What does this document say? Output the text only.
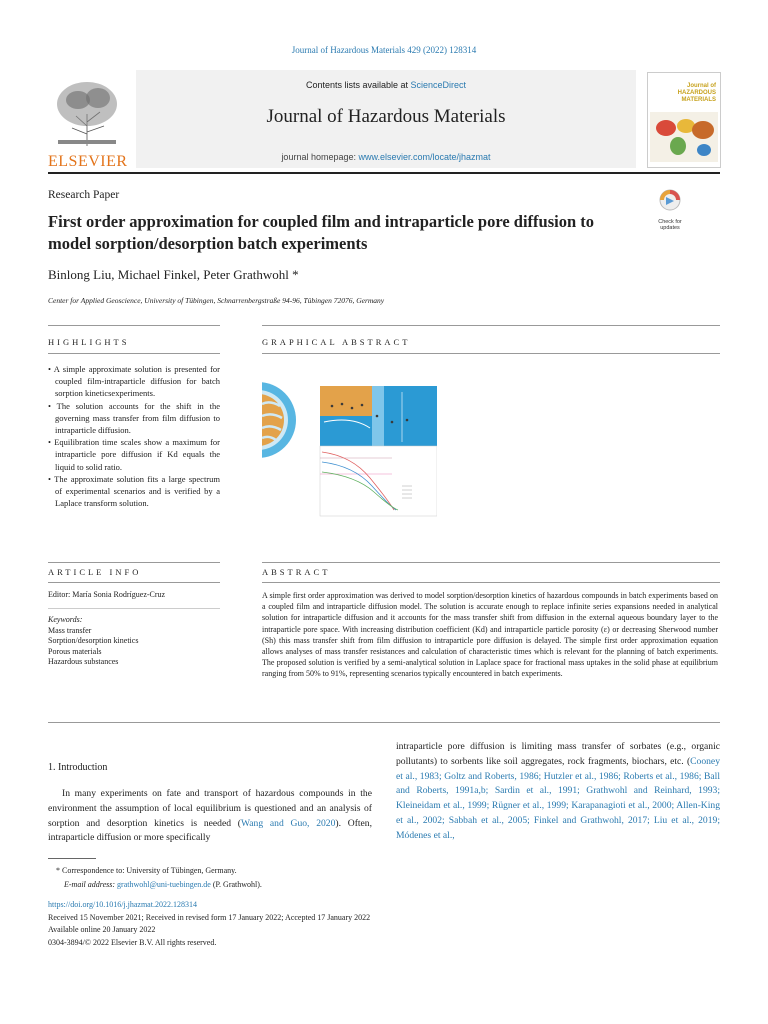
Journal of Hazardous Materials 429 (2022) 128314
ELSEVIER
Contents lists available at ScienceDirect
Journal of Hazardous Materials
journal homepage: www.elsevier.com/locate/jhazmat
Journal of HAZARDOUS MATERIALS
Research Paper
First order approximation for coupled film and intraparticle pore diffusion to model sorption/desorption batch experiments
Check for updates
Binlong Liu, Michael Finkel, Peter Grathwohl *
Center for Applied Geoscience, University of Tübingen, Schnarrenbergstraße 94-96, Tübingen 72076, Germany
HIGHLIGHTS
• A simple approximate solution is presented for coupled film-intraparticle diffusion for batch sorption kineticsexperiments.
• The solution accounts for the shift in the governing mass transfer from film diffusion to intraparticle diffusion.
• Equilibration time scales show a maximum for intraparticle pore diffusion if Kd equals the liquid to solid ratio.
• The approximate solution fits a large spectrum of experimental scenarios and is verified by a Laplace transform solution.
GRAPHICAL ABSTRACT
ARTICLE INFO
Editor: María Sonia Rodríguez-Cruz
Keywords:
Mass transfer
Sorption/desorption kinetics
Porous materials
Hazardous substances
ABSTRACT
A simple first order approximation was derived to model sorption/desorption kinetics of hazardous compounds in batch experiments based on a coupled film and intraparticle diffusion model. The solution is accurate enough to replace infinite series expansions needed in analytical solution for intraparticle diffusion and it accounts for the mass transfer shift from diffusion in the external aqueous boundary layer to the intraparticle pore space. With increasing distribution coefficient (Kd) and intraparticle particle porosity (ε) or decreasing Sherwood number (Sh) this mass transfer shift from film diffusion to intraparticle pore diffusion is delayed. The simple first order approximation equation allows analyses of mass transfer resistances and calculation of characteristic times which is relevant for the planning of batch experiments. The proposed solution is verified by a semi-analytical solution in Laplace space for fractional mass uptakes in the solid phase at equilibrium ranging from 50% to 91%, representing scenarios typically encountered in batch experiments.
1. Introduction
In many experiments on fate and transport of hazardous compounds in the environment the assumption of local equilibrium is questioned and an analysis of sorption and desorption kinetics is needed (Wang and Guo, 2020). Often, intraparticle diffusion or more specifically
intraparticle pore diffusion is limiting mass transfer of sorbates (e.g., organic pollutants) to sorbents like soil aggregates, rock fragments, biochars, etc. (Cooney et al., 1983; Goltz and Roberts, 1986; Hutzler et al., 1986; Roberts et al., 1986; Ball and Roberts, 1991a,b; Sardin et al., 1991; Grathwohl and Reinhard, 1993; Kleineidam et al., 1999; Rügner et al., 1999; Karapanagioti et al., 2000; Allen-King et al., 2002; Sabbah et al., 2005; Finkel and Grathwohl, 2017; Liu et al., 2019; Módenes et al.,
* Correspondence to: University of Tübingen, Germany.
E-mail address: grathwohl@uni-tuebingen.de (P. Grathwohl).
https://doi.org/10.1016/j.jhazmat.2022.128314
Received 15 November 2021; Received in revised form 17 January 2022; Accepted 17 January 2022
Available online 20 January 2022
0304-3894/© 2022 Elsevier B.V. All rights reserved.
